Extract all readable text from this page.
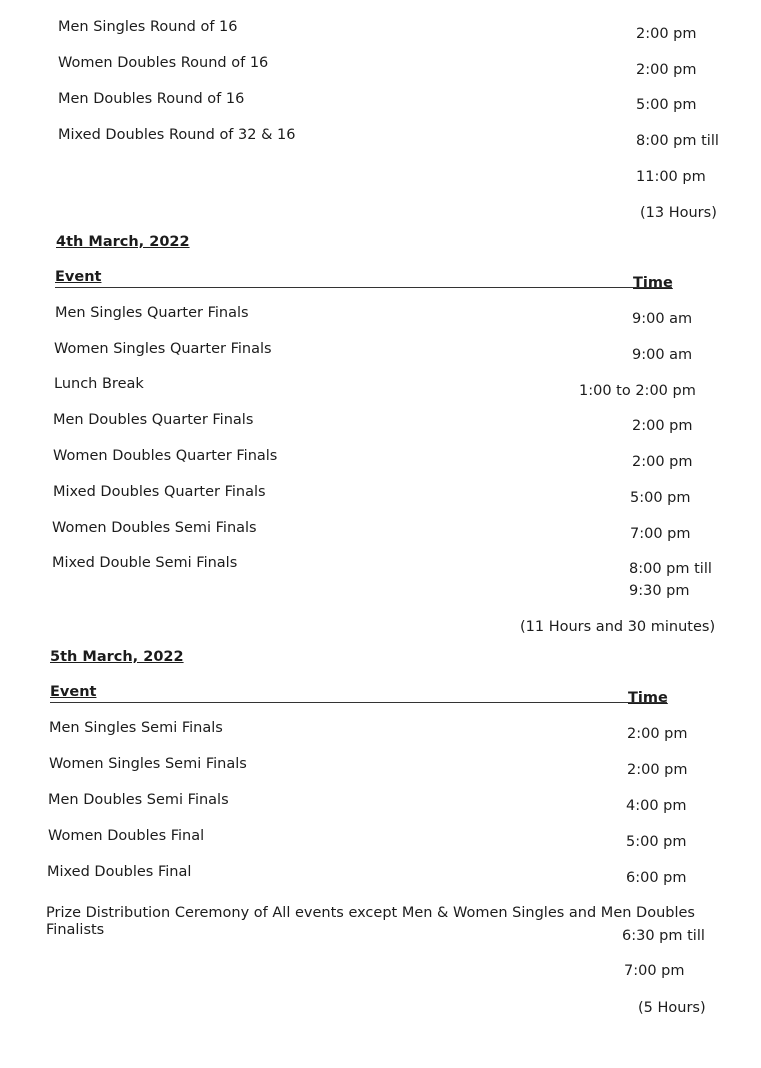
Men Singles Round of 16	2:00 pm
Women Doubles Round of 16	2:00 pm
Men Doubles Round of 16	5:00 pm
Mixed Doubles Round of 32 & 16	8:00 pm till
11:00 pm
(13 Hours)
4th March, 2022
Event	Time
Men Singles Quarter Finals	9:00 am
Women Singles Quarter Finals	9:00 am
Lunch Break	1:00 to 2:00 pm
Men Doubles Quarter Finals	2:00 pm
Women Doubles Quarter Finals	2:00 pm
Mixed Doubles Quarter Finals	5:00 pm
Women Doubles Semi Finals	7:00 pm
Mixed Double Semi Finals	8:00 pm till
9:30 pm
(11 Hours and 30 minutes)
5th March, 2022
Event	Time
Men Singles Semi Finals	2:00 pm
Women Singles Semi Finals	2:00 pm
Men Doubles Semi Finals	4:00 pm
Women Doubles Final	5:00 pm
Mixed Doubles Final	6:00 pm
Prize Distribution Ceremony of All events except Men & Women Singles and Men Doubles Finalists	6:30 pm till
7:00 pm
(5 Hours)
